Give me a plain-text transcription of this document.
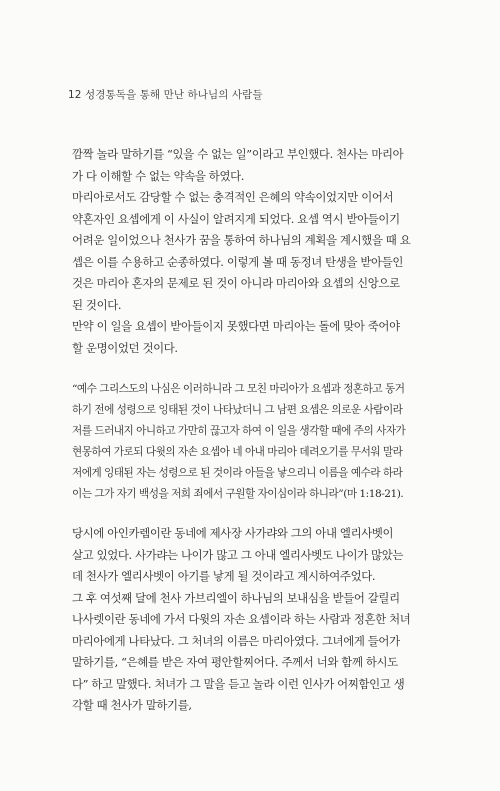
12 성경통독을 통해 만난 하나님의 사람들
깜짝 놀라 말하기를 “있을 수 없는 일”이라고 부인했다. 천사는 마리아
가 다 이해할 수 없는 약속을 하였다.
마리아로서도 감당할 수 없는 충격적인 은혜의 약속이었지만 이어서
약혼자인 요셉에게 이 사실이 알려지게 되었다. 요셉 역시 받아들이기
어려운 일이었으나 천사가 꿈을 통하여 하나님의 계획을 계시했을 때 요
셉은 이를 수용하고 순종하였다. 이렇게 볼 때 동정녀 탄생을 받아들인
것은 마리아 혼자의 문제로 된 것이 아니라 마리아와 요셉의 신앙으로
된 것이다.
만약 이 일을 요셉이 받아들이지 못했다면 마리아는 돌에 맞아 죽어야
할 운명이었던 것이다.
“예수 그리스도의 나심은 이러하니라 그 모친 마리아가 요셉과 정혼하고 동거
하기 전에 성령으로 잉태된 것이 나타났더니 그 남편 요셉은 의로운 사람이라
저를 드러내지 아니하고 가만히 끊고자 하여 이 일을 생각할 때에 주의 사자가
현몽하여 가로되 다윗의 자손 요셉아 네 아내 마리아 데려오기를 무서워 말라
저에게 잉태된 자는 성령으로 된 것이라 아들을 낳으리니 이름을 예수라 하라
이는 그가 자기 백성을 저희 죄에서 구원할 자이심이라 하니라”(마 1:18-21).
당시에 아인카렘이란 동네에 제사장 사가랴와 그의 아내 엘리사벳이
살고 있었다. 사가랴는 나이가 많고 그 아내 엘리사벳도 나이가 많았는
데 천사가 엘리사벳이 아기를 낳게 될 것이라고 계시하여주었다.
그 후 여섯째 달에 천사 가브리엘이 하나님의 보내심을 받들어 갈릴리
나사렛이란 동네에 가서 다윗의 자손 요셉이라 하는 사람과 정혼한 처녀
마리아에게 나타났다. 그 처녀의 이름은 마리아였다. 그녀에게 들어가
말하기를, “은혜를 받은 자여 평안할찌어다. 주께서 너와 함께 하시도
다” 하고 말했다. 처녀가 그 말을 듣고 놀라 이런 인사가 어찌함인고 생
각할 때 천사가 말하기를,
